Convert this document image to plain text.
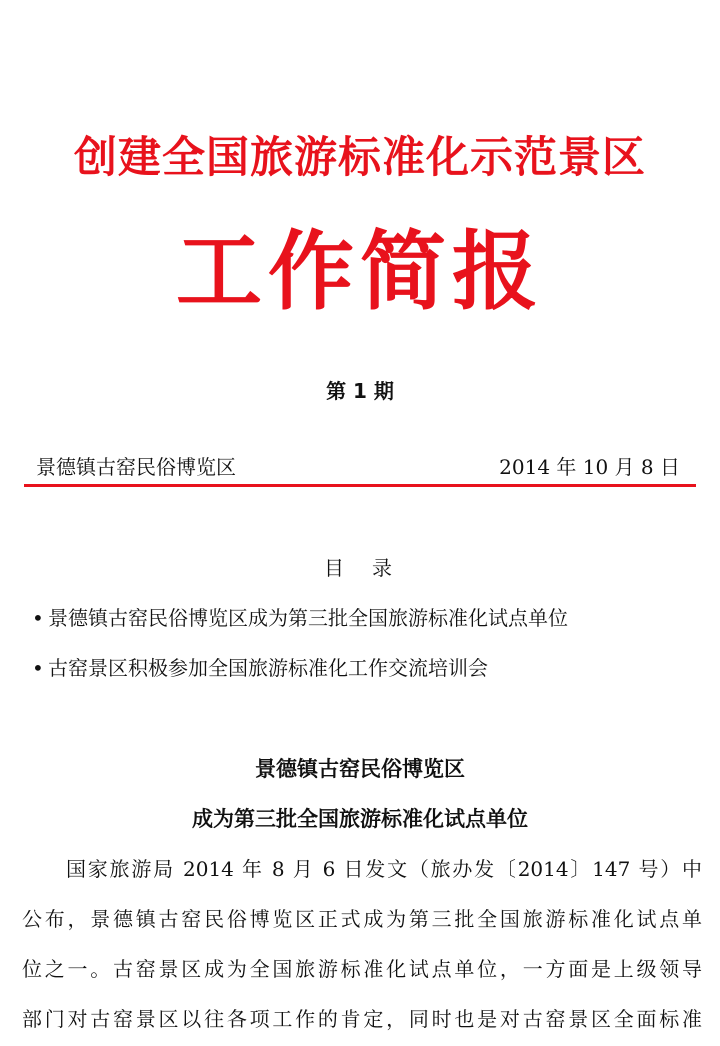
创建全国旅游标准化示范景区
工作简报
第 1 期
景德镇古窑民俗博览区	2014 年 10 月 8 日
目　录
• 景德镇古窑民俗博览区成为第三批全国旅游标准化试点单位
• 古窑景区积极参加全国旅游标准化工作交流培训会
景德镇古窑民俗博览区
成为第三批全国旅游标准化试点单位
国家旅游局 2014 年 8 月 6 日发文（旅办发〔2014〕147 号）中
公布，景德镇古窑民俗博览区正式成为第三批全国旅游标准化试点单
位之一。古窑景区成为全国旅游标准化试点单位，一方面是上级领导
部门对古窑景区以往各项工作的肯定，同时也是对古窑景区全面标准
